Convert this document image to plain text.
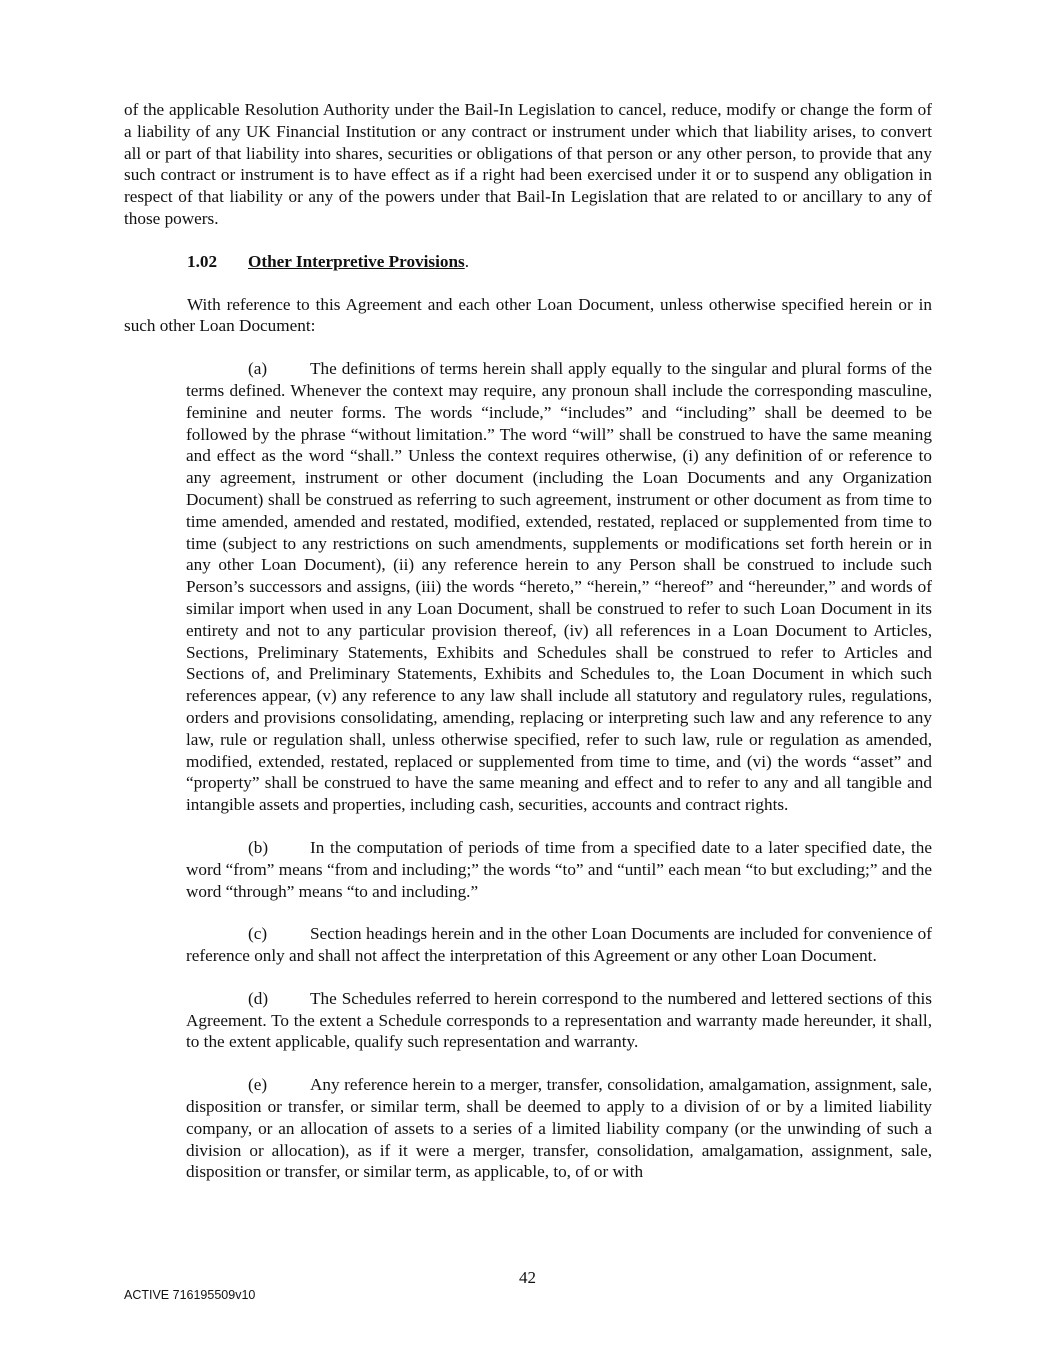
of the applicable Resolution Authority under the Bail-In Legislation to cancel, reduce, modify or change the form of a liability of any UK Financial Institution or any contract or instrument under which that liability arises, to convert all or part of that liability into shares, securities or obligations of that person or any other person, to provide that any such contract or instrument is to have effect as if a right had been exercised under it or to suspend any obligation in respect of that liability or any of the powers under that Bail-In Legislation that are related to or ancillary to any of those powers.

1.02 Other Interpretive Provisions.

With reference to this Agreement and each other Loan Document, unless otherwise specified herein or in such other Loan Document:

(a) The definitions of terms herein shall apply equally to the singular and plural forms of the terms defined. Whenever the context may require, any pronoun shall include the corresponding masculine, feminine and neuter forms. The words “include,” “includes” and “including” shall be deemed to be followed by the phrase “without limitation.” The word “will” shall be construed to have the same meaning and effect as the word “shall.” Unless the context requires otherwise, (i) any definition of or reference to any agreement, instrument or other document (including the Loan Documents and any Organization Document) shall be construed as referring to such agreement, instrument or other document as from time to time amended, amended and restated, modified, extended, restated, replaced or supplemented from time to time (subject to any restrictions on such amendments, supplements or modifications set forth herein or in any other Loan Document), (ii) any reference herein to any Person shall be construed to include such Person’s successors and assigns, (iii) the words “hereto,” “herein,” “hereof” and “hereunder,” and words of similar import when used in any Loan Document, shall be construed to refer to such Loan Document in its entirety and not to any particular provision thereof, (iv) all references in a Loan Document to Articles, Sections, Preliminary Statements, Exhibits and Schedules shall be construed to refer to Articles and Sections of, and Preliminary Statements, Exhibits and Schedules to, the Loan Document in which such references appear, (v) any reference to any law shall include all statutory and regulatory rules, regulations, orders and provisions consolidating, amending, replacing or interpreting such law and any reference to any law, rule or regulation shall, unless otherwise specified, refer to such law, rule or regulation as amended, modified, extended, restated, replaced or supplemented from time to time, and (vi) the words “asset” and “property” shall be construed to have the same meaning and effect and to refer to any and all tangible and intangible assets and properties, including cash, securities, accounts and contract rights.

(b) In the computation of periods of time from a specified date to a later specified date, the word “from” means “from and including;” the words “to” and “until” each mean “to but excluding;” and the word “through” means “to and including.”

(c) Section headings herein and in the other Loan Documents are included for convenience of reference only and shall not affect the interpretation of this Agreement or any other Loan Document.

(d) The Schedules referred to herein correspond to the numbered and lettered sections of this Agreement. To the extent a Schedule corresponds to a representation and warranty made hereunder, it shall, to the extent applicable, qualify such representation and warranty.

(e) Any reference herein to a merger, transfer, consolidation, amalgamation, assignment, sale, disposition or transfer, or similar term, shall be deemed to apply to a division of or by a limited liability company, or an allocation of assets to a series of a limited liability company (or the unwinding of such a division or allocation), as if it were a merger, transfer, consolidation, amalgamation, assignment, sale, disposition or transfer, or similar term, as applicable, to, of or with

42
ACTIVE 716195509v10
